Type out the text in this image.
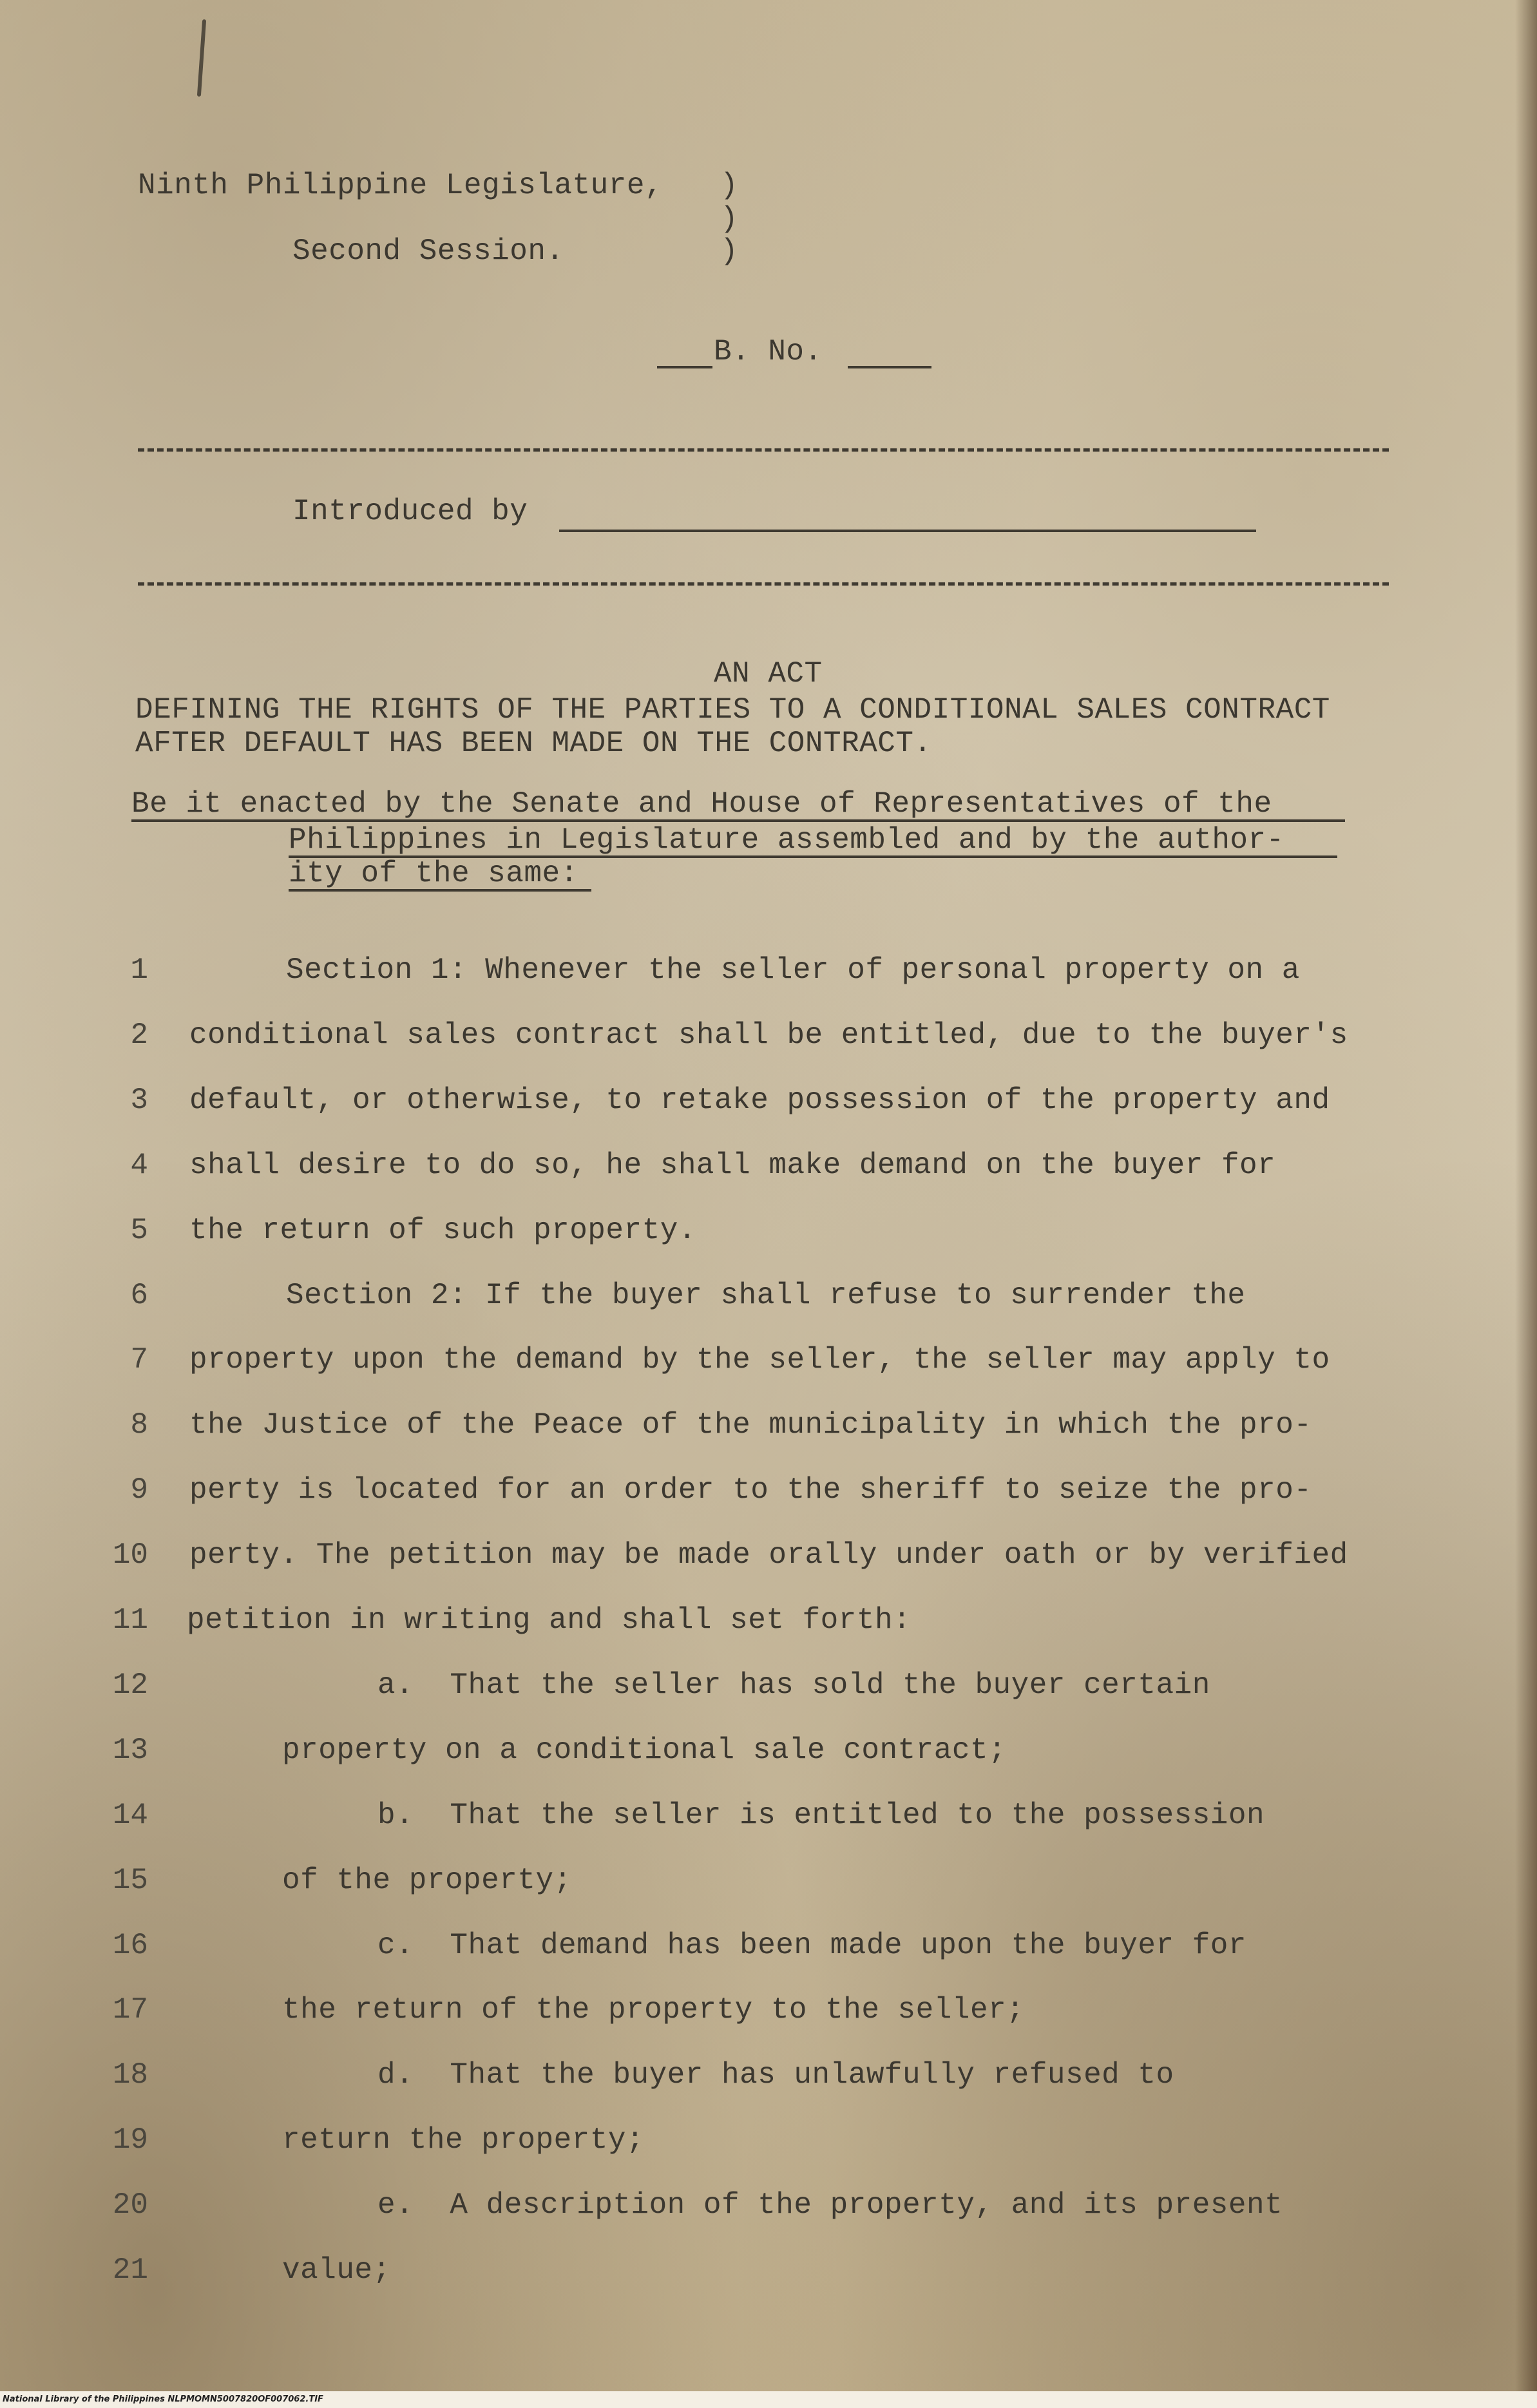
Ninth Philippine Legislature,

Second Session.

)

)

)

B. No.

Introduced by

AN ACT

DEFINING THE RIGHTS OF THE PARTIES TO A CONDITIONAL SALES CONTRACT

AFTER DEFAULT HAS BEEN MADE ON THE CONTRACT.

Be it enacted by the Senate and House of Representatives of the

Philippines in Legislature assembled and by the author-

ity of the same:

1	Section 1: Whenever the seller of personal property on a

2 conditional sales contract shall be entitled, due to the buyer's

3 default, or otherwise, to retake possession of the property and

4 shall desire to do so, he shall make demand on the buyer for

5 the return of such property.

6	Section 2: If the buyer shall refuse to surrender the

7 property upon the demand by the seller, the seller may apply to

8 the Justice of the Peace of the municipality in which the pro-

9 perty is located for an order to the sheriff to seize the pro-

10 perty. The petition may be made orally under oath or by verified

11 petition in writing and shall set forth:

12	a.  That the seller has sold the buyer certain

13	property on a conditional sale contract;

14	b.  That the seller is entitled to the possession

15	of the property;

16	c.  That demand has been made upon the buyer for

17	the return of the property to the seller;

18	d.  That the buyer has unlawfully refused to

19	return the property;

20	e.  A description of the property, and its present

21	value;

National Library of the Philippines NLPMOMN5007820OF007062.TIF
